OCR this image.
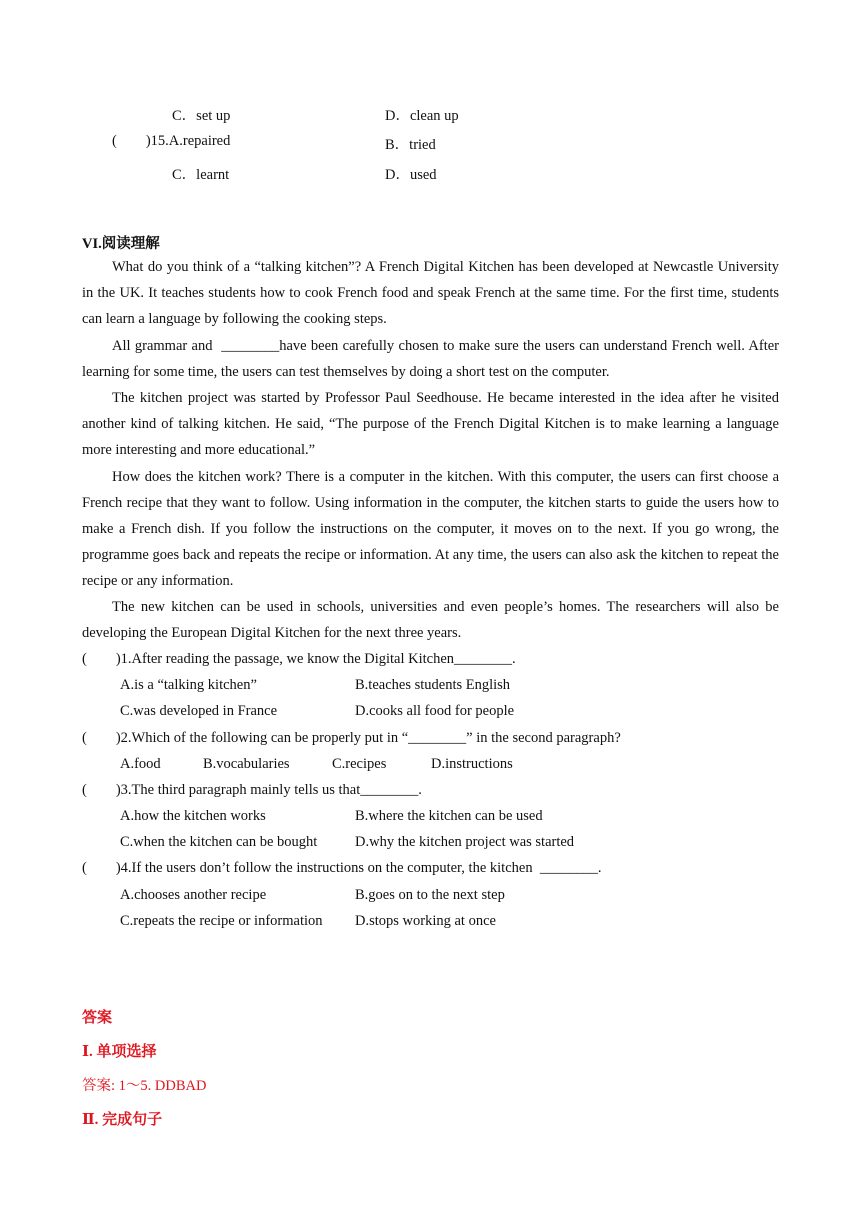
C．set up	D．clean up
(        )15.A.repaired	B．tried
C．learnt	D．used
VI.阅读理解
What do you think of a “talking kitchen”? A French Digital Kitchen has been developed at Newcastle University in the UK. It teaches students how to cook French food and speak French at the same time. For the first time, students can learn a language by following the cooking steps.
All grammar and  ________have been carefully chosen to make sure the users can understand French well. After learning for some time, the users can test themselves by doing a short test on the computer.
The kitchen project was started by Professor Paul Seedhouse. He became interested in the idea after he visited another kind of talking kitchen. He said, “The purpose of the French Digital Kitchen is to make learning a language more interesting and more educational.”
How does the kitchen work? There is a computer in the kitchen. With this computer, the users can first choose a French recipe that they want to follow. Using information in the computer, the kitchen starts to guide the users how to make a French dish. If you follow the instructions on the computer, it moves on to the next. If you go wrong, the programme goes back and repeats the recipe or information. At any time, the users can also ask the kitchen to repeat the recipe or any information.
The new kitchen can be used in schools, universities and even people’s homes. The researchers will also be developing the European Digital Kitchen for the next three years.
(        )1.After reading the passage, we know the Digital Kitchen________.
A.is a “talking kitchen”	B.teaches students English
C.was developed in France	D.cooks all food for people
(        )2.Which of the following can be properly put in “________” in the second paragraph?
A.food	B.vocabularies	C.recipes	D.instructions
(        )3.The third paragraph mainly tells us that________.
A.how the kitchen works	B.where the kitchen can be used
C.when the kitchen can be bought	D.why the kitchen project was started
(        )4.If the users don’t follow the instructions on the computer, the kitchen  ________.
A.chooses another recipe	B.goes on to the next step
C.repeats the recipe or information D.stops working at once
答案
Ⅰ. 单项选择
答案: 1～5. DDBAD
Ⅱ. 完成句子
